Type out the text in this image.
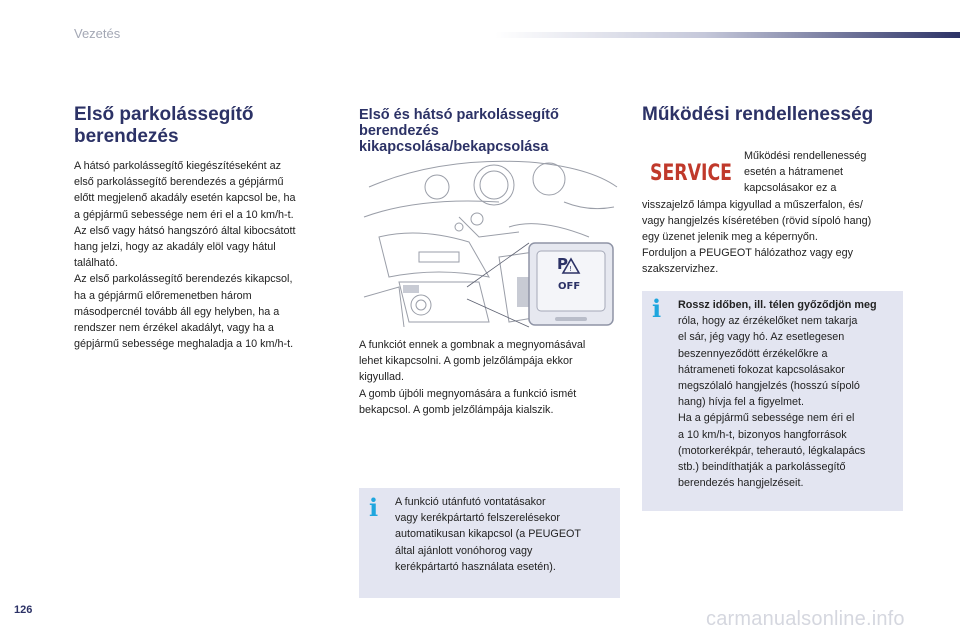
Vezetés
Első parkolássegítő berendezés

A hátsó parkolássegítő kiegészítéseként az
első parkolássegítő berendezés a gépjármű
előtt megjelenő akadály esetén kapcsol be, ha
a gépjármű sebessége nem éri el a 10 km/h-t.
Az első vagy hátsó hangszóró által kibocsátott
hang jelzi, hogy az akadály elöl vagy hátul
található.
Az első parkolássegítő berendezés kikapcsol,
ha a gépjármű előremenetben három
másodpercnél tovább áll egy helyben, ha a
rendszer nem érzékel akadályt, vagy ha a
gépjármű sebessége meghaladja a 10 km/h-t.

Első és hátsó parkolássegítő berendezés kikapcsolása/bekapcsolása
P !
OFF

A funkciót ennek a gombnak a megnyomásával
lehet kikapcsolni. A gomb jelzőlámpája ekkor
kigyullad.
A gomb újbóli megnyomására a funkció ismét
bekapcsol. A gomb jelzőlámpája kialszik.

i A funkció utánfutó vontatásakor
vagy kerékpártartó felszerelésekor
automatikusan kikapcsol (a PEUGEOT
által ajánlott vonóhorog vagy
kerékpártartó használata esetén).
Működési rendellenesség
SERVICE
Működési rendellenesség
esetén a hátramenet
kapcsolásakor ez a
visszajelző lámpa kigyullad a műszerfalon, és/
vagy hangjelzés kíséretében (rövid sípoló hang)
egy üzenet jelenik meg a képernyőn.
Forduljon a PEUGEOT hálózathoz vagy egy
szakszervizhez.
i Rossz időben, ill. télen győződjön meg
róla, hogy az érzékelőket nem takarja
el sár, jég vagy hó. Az esetlegesen
beszennyeződött érzékelőkre a
hátrameneti fokozat kapcsolásakor
megszólaló hangjelzés (hosszú sípoló
hang) hívja fel a figyelmet.
Ha a gépjármű sebessége nem éri el
a 10 km/h-t, bizonyos hangforrások
(motorkerékpár, teherautó, légkalapács
stb.) beindíthatják a parkolássegítő
berendezés hangjelzéseit.
126	carmanualsonline.info
